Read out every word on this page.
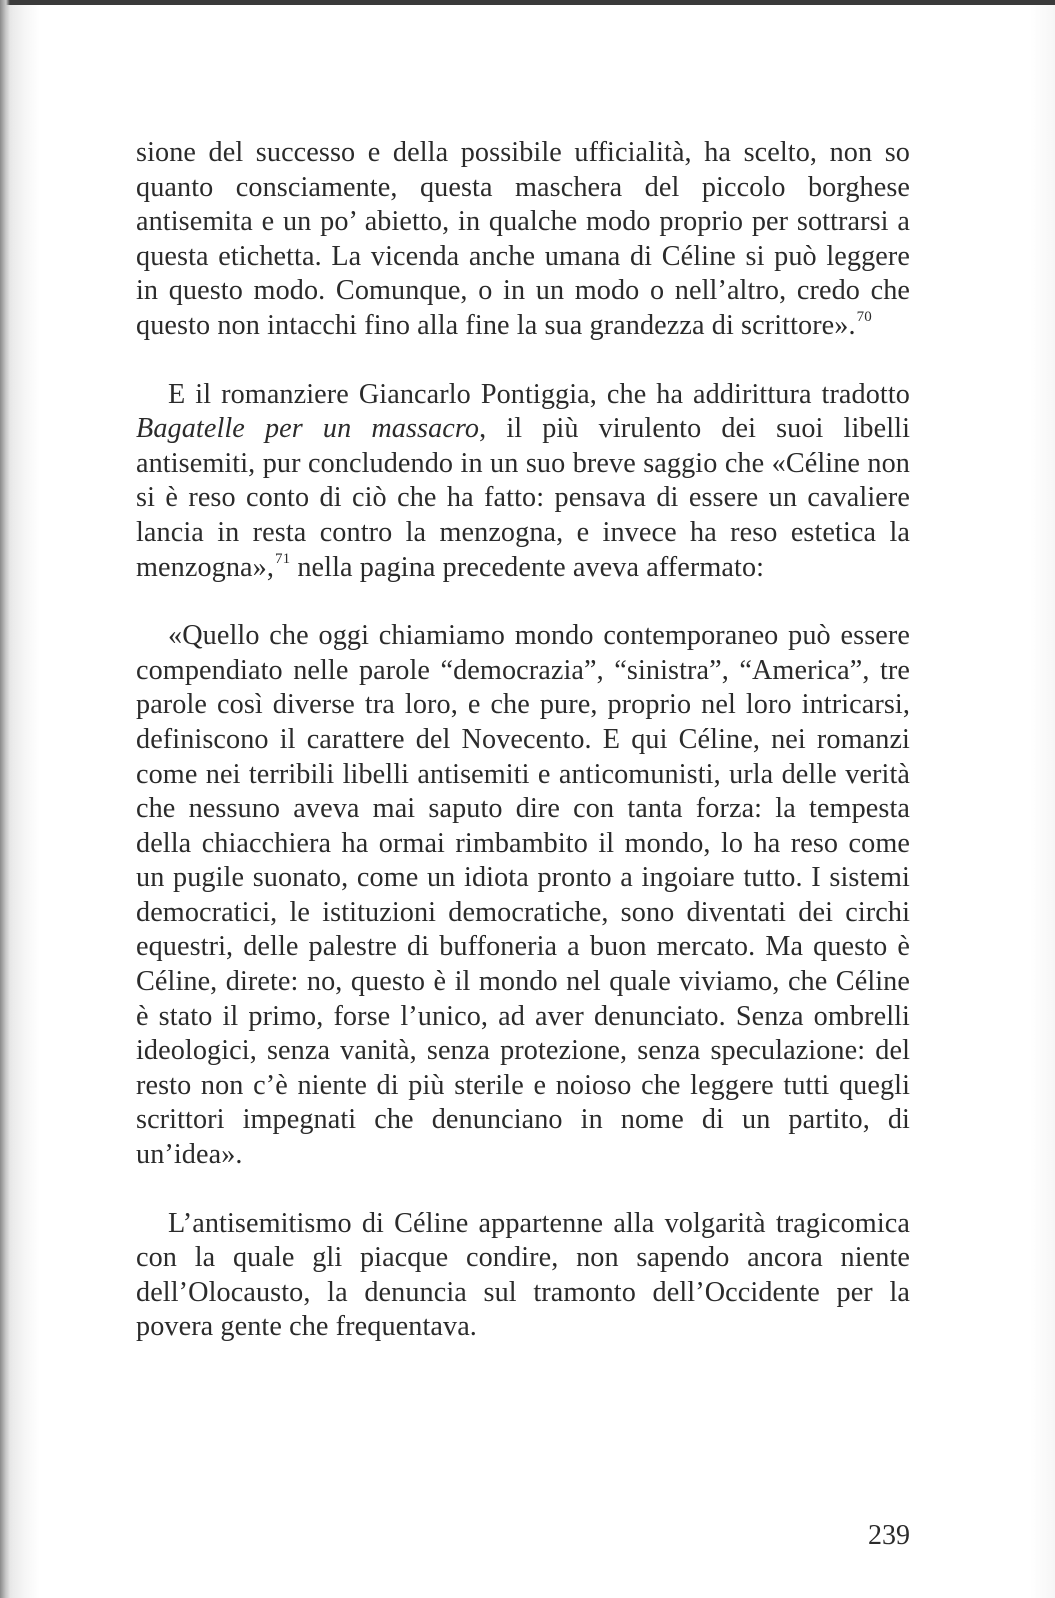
sione del successo e della possibile ufficialità, ha scelto, non so quanto consciamente, questa maschera del piccolo borghese antisemita e un po’ abietto, in qualche modo proprio per sottrarsi a questa etichetta. La vicenda anche umana di Céline si può leggere in questo modo. Comunque, o in un modo o nell’altro, credo che questo non intacchi fino alla fine la sua grandezza di scrittore».$^{70}$

E il romanziere Giancarlo Pontiggia, che ha addirittura tradotto Bagatelle per un massacro, il più virulento dei suoi libelli antisemiti, pur concludendo in un suo breve saggio che «Céline non si è reso conto di ciò che ha fatto: pensava di essere un cavaliere lancia in resta contro la menzogna, e invece ha reso estetica la menzogna»,$^{71}$ nella pagina precedente aveva affermato:

«Quello che oggi chiamiamo mondo contemporaneo può essere compendiato nelle parole “democrazia”, “sinistra”, “America”, tre parole così diverse tra loro, e che pure, proprio nel loro intricarsi, definiscono il carattere del Novecento. E qui Céline, nei romanzi come nei terribili libelli antisemiti e anticomunisti, urla delle verità che nessuno aveva mai saputo dire con tanta forza: la tempesta della chiacchiera ha ormai rimbambito il mondo, lo ha reso come un pugile suonato, come un idiota pronto a ingoiare tutto. I sistemi democratici, le istituzioni democratiche, sono diventati dei circhi equestri, delle palestre di buffoneria a buon mercato. Ma questo è Céline, direte: no, questo è il mondo nel quale viviamo, che Céline è stato il primo, forse l’unico, ad aver denunciato. Senza ombrelli ideologici, senza vanità, senza protezione, senza speculazione: del resto non c’è niente di più sterile e noioso che leggere tutti quegli scrittori impegnati che denunciano in nome di un partito, di un’idea».

L’antisemitismo di Céline appartenne alla volgarità tragicomica con la quale gli piacque condire, non sapendo ancora niente dell’Olocausto, la denuncia sul tramonto dell’Occidente per la povera gente che frequentava.

239
